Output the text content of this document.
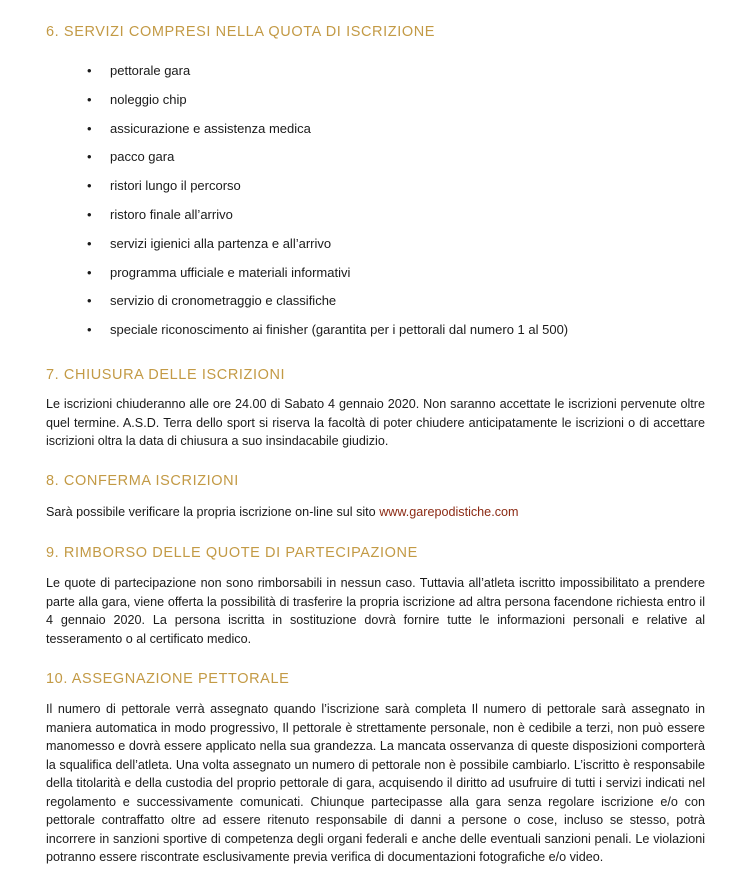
6. SERVIZI COMPRESI NELLA QUOTA DI ISCRIZIONE
• pettorale gara
• noleggio chip
• assicurazione e assistenza medica
• pacco gara
• ristori lungo il percorso
• ristoro finale all’arrivo
• servizi igienici alla partenza e all’arrivo
• programma ufficiale e materiali informativi
• servizio di cronometraggio e classifiche
• speciale riconoscimento ai finisher (garantita per i pettorali dal numero 1 al 500)
7. CHIUSURA DELLE ISCRIZIONI

Le iscrizioni chiuderanno alle ore 24.00 di Sabato 4 gennaio 2020. Non saranno accettate le iscrizioni pervenute oltre quel termine. A.S.D. Terra dello sport si riserva la facoltà di poter chiudere anticipatamente le iscrizioni o di accettare iscrizioni oltra la data di chiusura a suo insindacabile giudizio.

8. CONFERMA ISCRIZIONI

Sarà possibile verificare la propria iscrizione on-line sul sito www.garepodistiche.com

9. RIMBORSO DELLE QUOTE DI PARTECIPAZIONE

Le quote di partecipazione non sono rimborsabili in nessun caso. Tuttavia all’atleta iscritto impossibilitato a prendere parte alla gara, viene offerta la possibilità di trasferire la propria iscrizione ad altra persona facendone richiesta entro il 4 gennaio 2020. La persona iscritta in sostituzione dovrà fornire tutte le informazioni personali e relative al tesseramento o al certificato medico.

10. ASSEGNAZIONE PETTORALE

Il numero di pettorale verrà assegnato quando l’iscrizione sarà completa Il numero di pettorale sarà assegnato in maniera automatica in modo progressivo, Il pettorale è strettamente personale, non è cedibile a terzi, non può essere manomesso e dovrà essere applicato nella sua grandezza. La mancata osservanza di queste disposizioni comporterà la squalifica dell’atleta. Una volta assegnato un numero di pettorale non è possibile cambiarlo. L’iscritto è responsabile della titolarità e della custodia del proprio pettorale di gara, acquisendo il diritto ad usufruire di tutti i servizi indicati nel regolamento e successivamente comunicati. Chiunque partecipasse alla gara senza regolare iscrizione e/o con pettorale contraffatto oltre ad essere ritenuto responsabile di danni a persone o cose, incluso se stesso, potrà incorrere in sanzioni sportive di competenza degli organi federali e anche delle eventuali sanzioni penali. Le violazioni potranno essere riscontrate esclusivamente previa verifica di documentazioni fotografiche e/o video.
